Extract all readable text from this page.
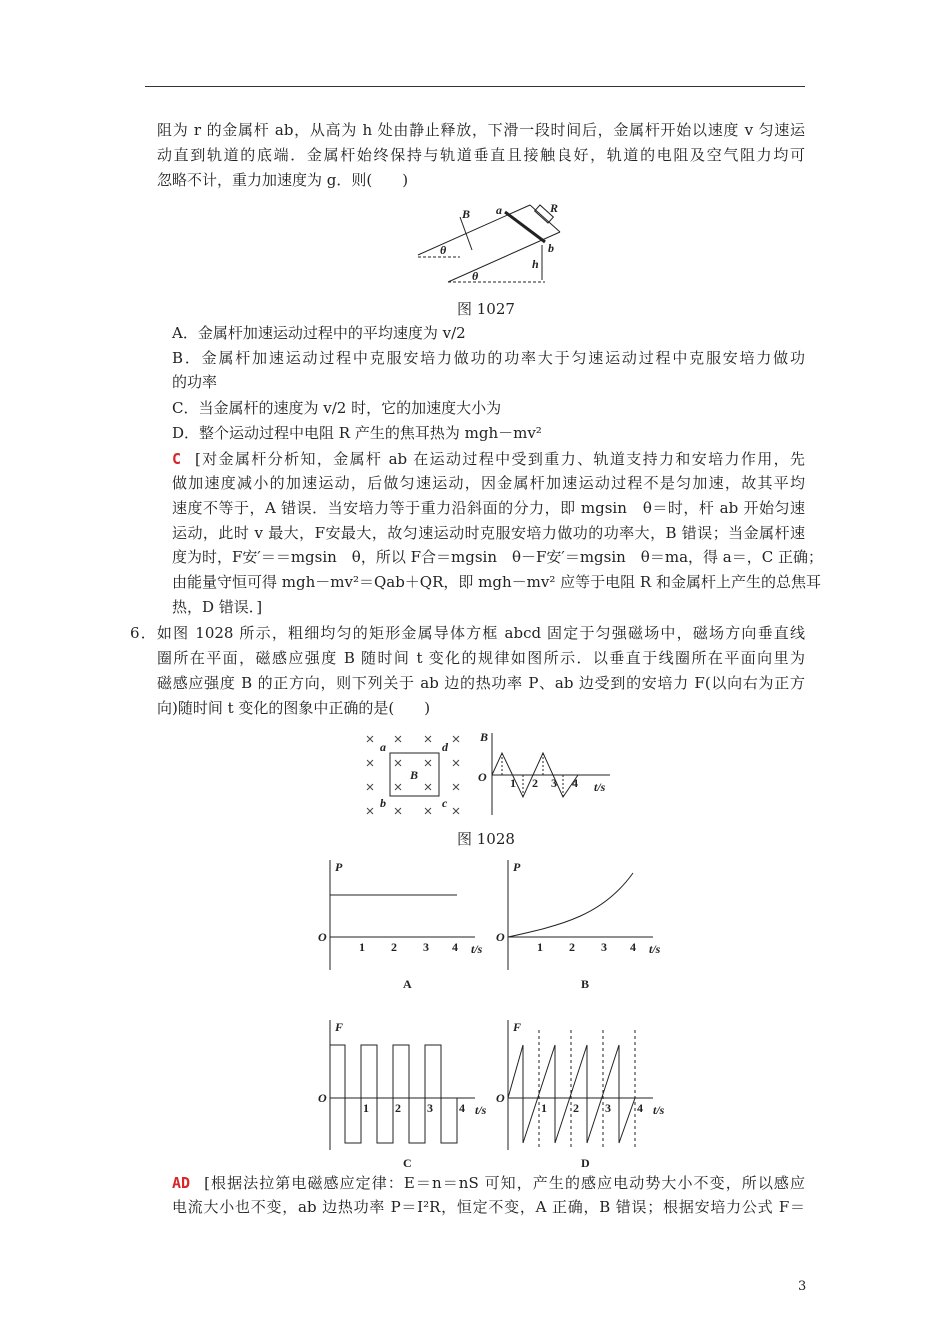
阻为 r 的金属杆 ab，从高为 h 处由静止释放，下滑一段时间后，金属杆开始以速度 v 匀速运
动直到轨道的底端．金属杆始终保持与轨道垂直且接触良好，轨道的电阻及空气阻力均可
忽略不计，重力加速度为 g．则(　　)
B a	R
b
h
θ
θ
图 1027
A．金属杆加速运动过程中的平均速度为 v/2
B．金属杆加速运动过程中克服安培力做功的功率大于匀速运动过程中克服安培力做功
的功率
C．当金属杆的速度为 v/2 时，它的加速度大小为
D．整个运动过程中电阻 R 产生的焦耳热为 mgh－mv²
C [对金属杆分析知，金属杆 ab 在运动过程中受到重力、轨道支持力和安培力作用，先
做加速度减小的加速运动，后做匀速运动，因金属杆加速运动过程不是匀加速，故其平均
速度不等于，A 错误．当安培力等于重力沿斜面的分力，即 mgsin　θ＝时，杆 ab 开始匀速
运动，此时 v 最大，F安最大，故匀速运动时克服安培力做功的功率大，B 错误；当金属杆速
度为时，F安′＝＝mgsin　θ，所以 F合＝mgsin　θ－F安′＝mgsin　θ＝ma，得 a＝，C 正确；
由能量守恒可得 mgh－mv²＝Qab＋QR，即 mgh－mv² 应等于电阻 R 和金属杆上产生的总焦耳
热，D 错误．]
6．如图 1028 所示，粗细均匀的矩形金属导体方框 abcd 固定于匀强磁场中，磁场方向垂直线
圈所在平面，磁感应强度 B 随时间 t 变化的规律如图所示．以垂直于线圈所在平面向里为
磁感应强度 B 的正方向，则下列关于 ab 边的热功率 P、ab 边受到的安培力 F(以向右为正方
向)随时间 t 变化的图象中正确的是(　　)
a
b	c
d
B
B
O
t/s
1 2 3 4
图 1028
P
O
1 2 3 4 t/s
A
P
O
1 2 3 4 t/s
B
F
O
1 2 3 4 t/s
C
F
O
1 2 3 4 t/s
D
AD [根据法拉第电磁感应定律：E＝n＝nS 可知，产生的感应电动势大小不变，所以感应
电流大小也不变，ab 边热功率 P＝I²R，恒定不变，A 正确，B 错误；根据安培力公式 F＝
3
